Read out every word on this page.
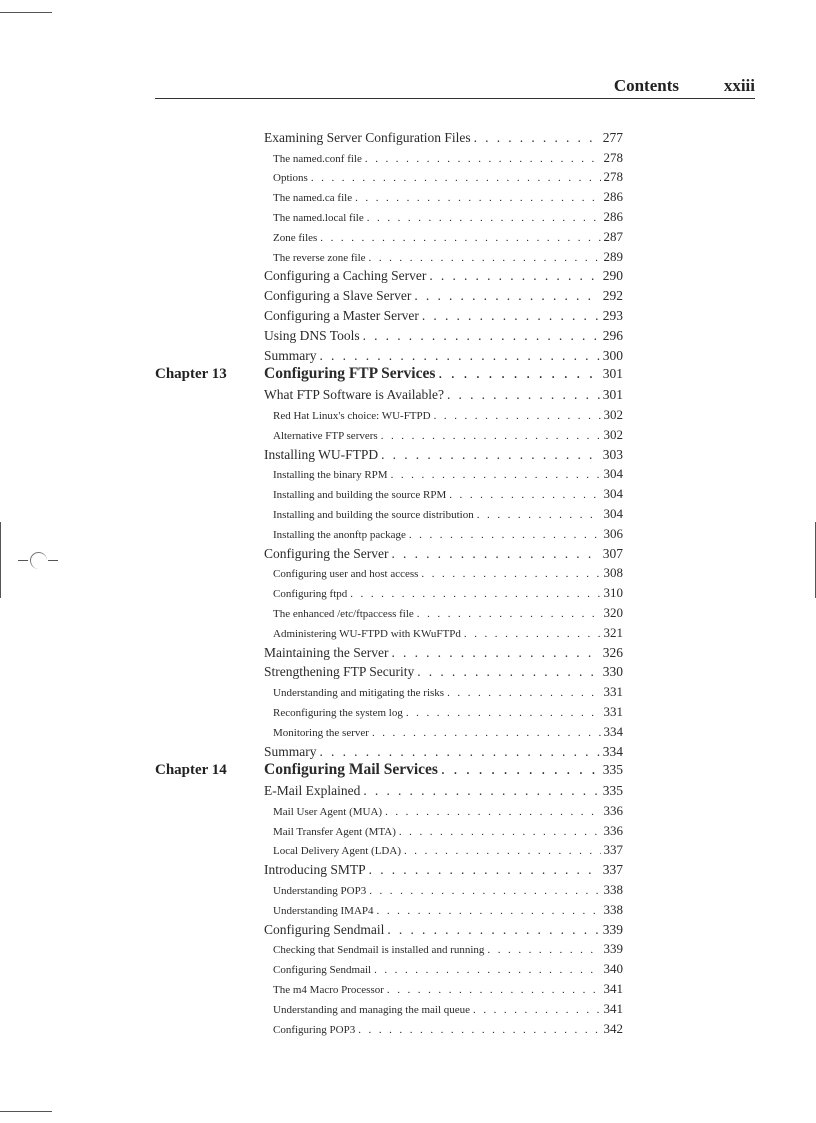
Contents	xxiii
Examining Server Configuration Files . . .	277
The named.conf file . . .	278
Options . . .	278
The named.ca file . . .	286
The named.local file . . .	286
Zone files . . .	287
The reverse zone file . . .	289
Configuring a Caching Server . . .	290
Configuring a Slave Server . . .	292
Configuring a Master Server . . .	293
Using DNS Tools . . .	296
Summary . . .	300
Chapter 13 Configuring FTP Services . . .	301
What FTP Software is Available? . . .	301
Red Hat Linux's choice: WU-FTPD . . .	302
Alternative FTP servers . . .	302
Installing WU-FTPD . . .	303
Installing the binary RPM . . .	304
Installing and building the source RPM . . .	304
Installing and building the source distribution . . .	304
Installing the anonftp package . . .	306
Configuring the Server . . .	307
Configuring user and host access . . .	308
Configuring ftpd . . .	310
The enhanced /etc/ftpaccess file . . .	320
Administering WU-FTPD with KWuFTPd . . .	321
Maintaining the Server . . .	326
Strengthening FTP Security . . .	330
Understanding and mitigating the risks . . .	331
Reconfiguring the system log . . .	331
Monitoring the server . . .	334
Summary . . .	334
Chapter 14 Configuring Mail Services . . .	335
E-Mail Explained . . .	335
Mail User Agent (MUA) . . .	336
Mail Transfer Agent (MTA) . . .	336
Local Delivery Agent (LDA) . . .	337
Introducing SMTP . . .	337
Understanding POP3 . . .	338
Understanding IMAP4 . . .	338
Configuring Sendmail . . .	339
Checking that Sendmail is installed and running . . .	339
Configuring Sendmail . . .	340
The m4 Macro Processor . . .	341
Understanding and managing the mail queue . . .	341
Configuring POP3 . . .	342
